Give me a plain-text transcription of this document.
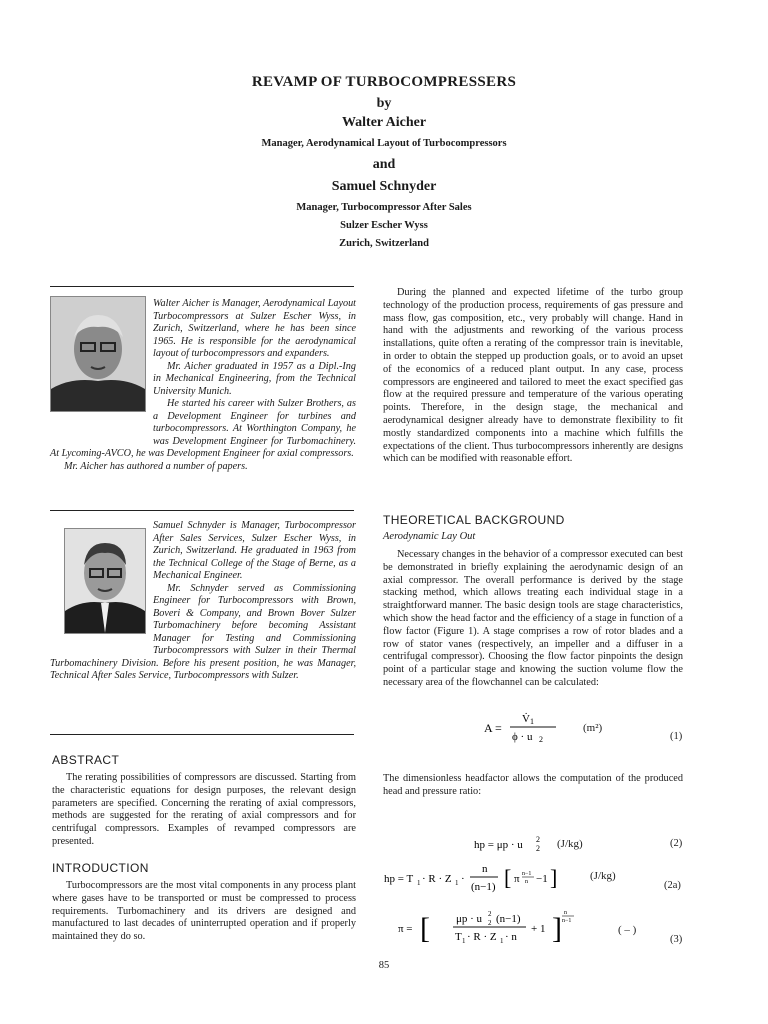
REVAMP OF TURBOCOMPRESSERS
by
Walter Aicher
Manager, Aerodynamical Layout of Turbocompressors
and
Samuel Schnyder
Manager, Turbocompressor After Sales
Sulzer Escher Wyss
Zurich, Switzerland

Walter Aicher is Manager, Aerodynamical Layout Turbocompressors at Sulzer Escher Wyss, in Zurich, Switzerland, where he has been since 1965. He is responsible for the aerodynamical layout of turbocompressors and expanders.

Mr. Aicher graduated in 1957 as a Dipl.-Ing in Mechanical Engineering, from the Technical University Munich.

He started his career with Sulzer Brothers, as a Development Engineer for turbines and turbocompressors. At Worthington Company, he was Development Engineer for Turbomachinery. At Lycoming-AVCO, he was Development Engineer for axial compressors.

Mr. Aicher has authored a number of papers.

Samuel Schnyder is Manager, Turbocompressor After Sales Services, Sulzer Escher Wyss, in Zurich, Switzerland. He graduated in 1963 from the Technical College of the Stage of Berne, as a Mechanical Engineer.

Mr. Schnyder served as Commissioning Engineer for Turbocompressors with Brown, Boveri & Company, and Brown Bover Sulzer Turbomachinery before becoming Assistant Manager for Testing and Commissioning Turbocompressors with Sulzer in their Thermal Turbomachinery Division. Before his present position, he was Manager, Technical After Sales Service, Turbocompressors with Sulzer.

ABSTRACT

The rerating possibilities of compressors are discussed. Starting from the characteristic equations for design purposes, the relevant design parameters are specified. Concerning the rerating of axial compressors, methods are suggested for the rerating of axial compressors and for centrifugal compressors. Examples of revamped compressors are presented.

INTRODUCTION

Turbocompressors are the most vital components in any process plant where gases have to be transported or must be compressed to process requirements. Turbomachinery and its drivers are designed and manufactured to last decades of uninterrupted operation and if properly maintained they do so.

During the planned and expected lifetime of the turbo group technology of the production process, requirements of gas pressure and mass flow, gas composition, etc., very probably will change. Hand in hand with the adjustments and reworking of the various process installations, quite often a rerating of the compressor train is inevitable, in order to obtain the stepped up production goals, or to avoid an upset of the economics of a reduced plant output. In any case, process compressors are engineered and tailored to meet the exact specified gas flow at the required pressure and temperature of the various operating points. Therefore, in the design stage, the mechanical and aerodynamical designer already have to demonstrate flexibility to fit mostly standardized components into a machine which fulfills the expectations of the client. Thus turbocompressors inherently are designs which can be modified with reasonable effort.

THEORETICAL BACKGROUND
Aerodynamic Lay Out

Necessary changes in the behavior of a compressor executed can best be demonstrated in briefly explaining the aerodynamic design of an axial compressor. The overall performance is derived by the stage stacking method, which allows treating each individual stage in a straightforward manner. The basic design tools are stage characteristics, which show the head factor and the efficiency of a stage in function of a flow factor (Figure 1). A stage comprises a row of rotor blades and a row of stator vanes (respectively, an impeller and a diffuser in a centrifugal compressor). Choosing the flow factor pinpoints the design point of a particular stage and knowing the suction volume flow the necessary area of the flowchannel can be calculated:

A =
V̇ 1
ϕ · u 2
(m²)
(1)

The dimensionless headfactor allows the computation of the produced head and pressure ratio:

hp = μp · u 2
2 (J/kg)	(2)
hp = T 1 · R · Z 1 ·
n
(n−1) [ π n−1
n −1 ]	(J/kg)
(2a)
π = [ μp · u 2
2 (n−1)
T 1 · R · Z 1 · n
+ 1 ] n
n−1
( – )
(3)
85
